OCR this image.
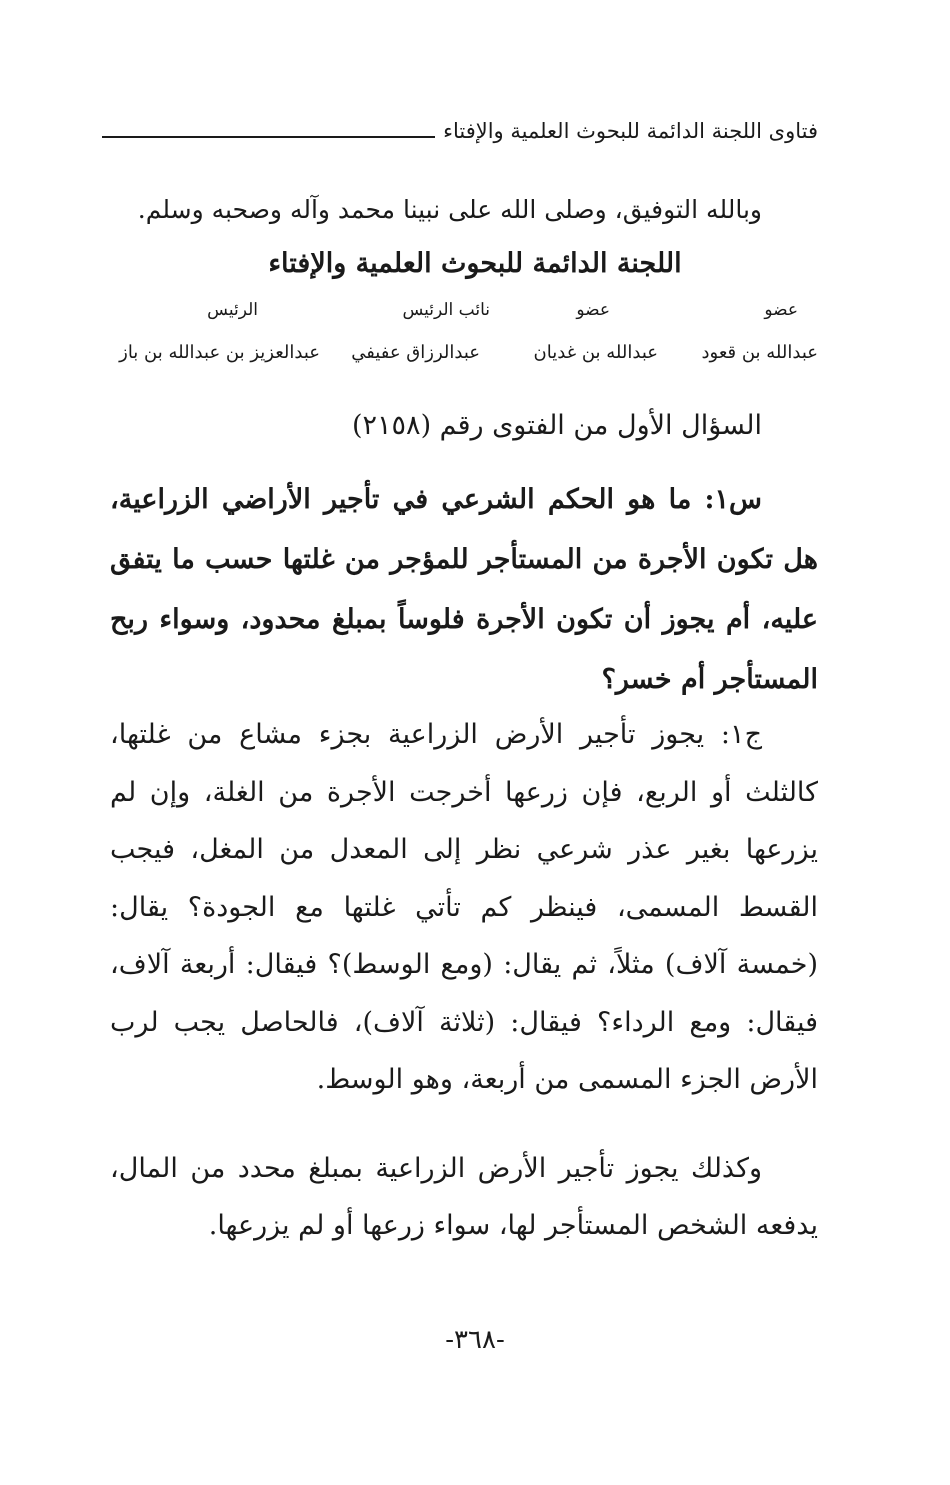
فتاوى اللجنة الدائمة للبحوث العلمية والإفتاء
وبالله التوفيق، وصلى الله على نبينا محمد وآله وصحبه وسلم.
اللجنة الدائمة للبحوث العلمية والإفتاء
عضو
عضو
نائب الرئيس
الرئيس
عبدالله بن قعود
عبدالله بن غديان
عبدالرزاق عفيفي
عبدالعزيز بن عبدالله بن باز
السؤال الأول من الفتوى رقم (٢١٥٨)
س١: ما هو الحكم الشرعي في تأجير الأراضي الزراعية، هل تكون الأجرة من المستأجر للمؤجر من غلتها حسب ما يتفق عليه، أم يجوز أن تكون الأجرة فلوساً بمبلغ محدود، وسواء ربح المستأجر أم خسر؟
ج١: يجوز تأجير الأرض الزراعية بجزء مشاع من غلتها، كالثلث أو الربع، فإن زرعها أخرجت الأجرة من الغلة، وإن لم يزرعها بغير عذر شرعي نظر إلى المعدل من المغل، فيجب القسط المسمى، فينظر كم تأتي غلتها مع الجودة؟ يقال: (خمسة آلاف) مثلاً، ثم يقال: (ومع الوسط)؟ فيقال: أربعة آلاف، فيقال: ومع الرداء؟ فيقال: (ثلاثة آلاف)، فالحاصل يجب لرب الأرض الجزء المسمى من أربعة، وهو الوسط.
وكذلك يجوز تأجير الأرض الزراعية بمبلغ محدد من المال، يدفعه الشخص المستأجر لها، سواء زرعها أو لم يزرعها.
-٣٦٨-
